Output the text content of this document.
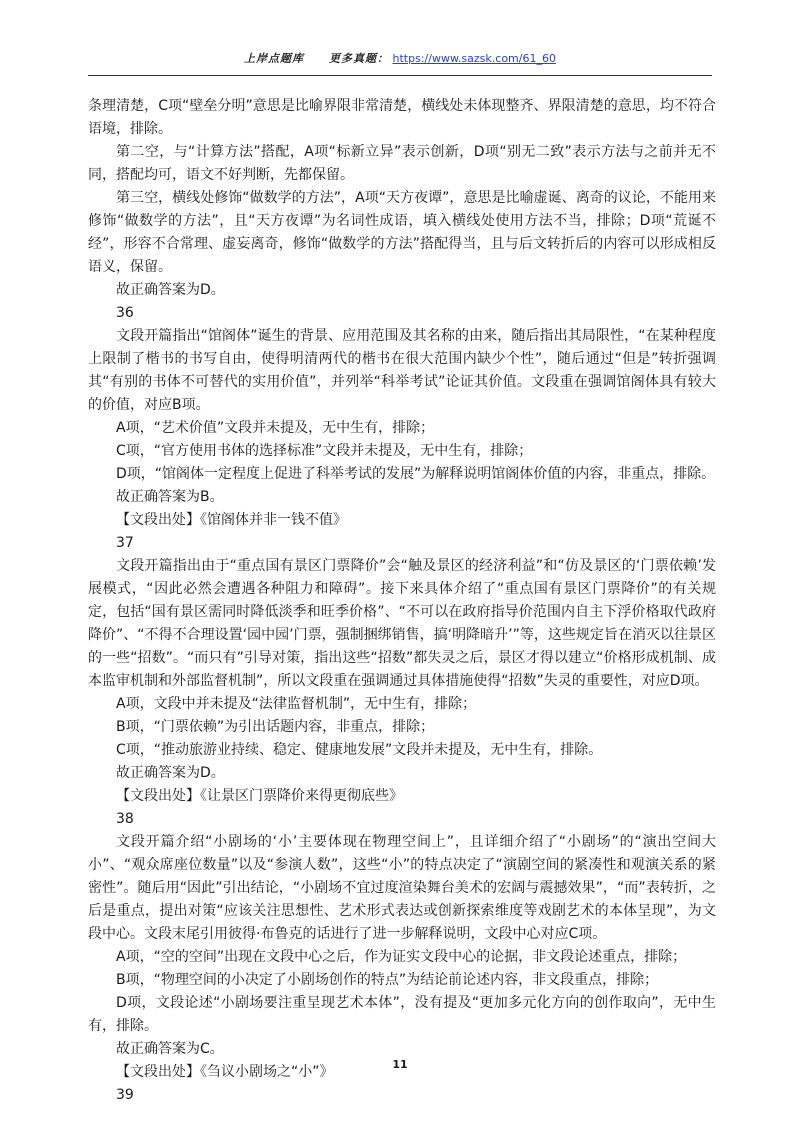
上岸点题库 更多真题： https://www.sazsk.com/61_60

条理清楚，C项“壁垒分明”意思是比喻界限非常清楚，横线处未体现整齐、界限清楚的意思，均不符合语境，排除。

第二空，与“计算方法”搭配，A项“标新立异”表示创新，D项“别无二致”表示方法与之前并无不同，搭配均可，语文不好判断，先都保留。

第三空，横线处修饰“做数学的方法”，A项“天方夜谭”，意思是比喻虚诞、离奇的议论，不能用来修饰“做数学的方法”，且“天方夜谭”为名词性成语，填入横线处使用方法不当，排除；D项“荒诞不经”，形容不合常理、虚妄离奇，修饰“做数学的方法”搭配得当，且与后文转折后的内容可以形成相反语义，保留。

故正确答案为D。

36

文段开篇指出“馆阁体”诞生的背景、应用范围及其名称的由来，随后指出其局限性，“在某种程度上限制了楷书的书写自由，使得明清两代的楷书在很大范围内缺少个性”，随后通过“但是”转折强调其“有别的书体不可替代的实用价值”，并列举“科举考试”论证其价值。文段重在强调馆阁体具有较大的价值，对应B项。

A项，“艺术价值”文段并未提及，无中生有，排除；

C项，“官方使用书体的选择标准”文段并未提及，无中生有，排除；

D项，“馆阁体一定程度上促进了科举考试的发展”为解释说明馆阁体价值的内容，非重点，排除。

故正确答案为B。

【文段出处】《馆阁体并非一钱不值》

37

文段开篇指出由于“重点国有景区门票降价”会“触及景区的经济利益”和“仿及景区的‘门票依赖’发展模式，“因此必然会遭遇各种阻力和障碍”。接下来具体介绍了“重点国有景区门票降价”的有关规定，包括“国有景区需同时降低淡季和旺季价格”、“不可以在政府指导价范围内自主下浮价格取代政府降价”、“不得不合理设置‘园中园’门票，强制捆绑销售，搞‘明降暗升’”等，这些规定旨在消灭以往景区的一些“招数”。“而只有”引导对策，指出这些“招数”都失灵之后，景区才得以建立“价格形成机制、成本监审机制和外部监督机制”，所以文段重在强调通过具体措施使得“招数”失灵的重要性，对应D项。

A项，文段中并未提及“法律监督机制”，无中生有，排除；

B项，“门票依赖”为引出话题内容，非重点，排除；

C项，“推动旅游业持续、稳定、健康地发展”文段并未提及，无中生有，排除。

故正确答案为D。

【文段出处】《让景区门票降价来得更彻底些》

38

文段开篇介绍“小剧场的‘小’主要体现在物理空间上”，且详细介绍了“小剧场”的“演出空间大小”、“观众席座位数量”以及“参演人数”，这些“小”的特点决定了“演剧空间的紧凑性和观演关系的紧密性”。随后用“因此”引出结论，“小剧场不宜过度渲染舞台美术的宏阔与震撼效果”，“而”表转折，之后是重点，提出对策“应该关注思想性、艺术形式表达或创新探索维度等戏剧艺术的本体呈现”，为文段中心。文段末尾引用彼得·布鲁克的话进行了进一步解释说明，文段中心对应C项。

A项，“空的空间”出现在文段中心之后，作为证实文段中心的论据，非文段论述重点，排除；

B项，“物理空间的小决定了小剧场创作的特点”为结论前论述内容，非文段重点，排除；

D项，文段论述“小剧场要注重呈现艺术本体”，没有提及“更加多元化方向的创作取向”，无中生有，排除。

故正确答案为C。

【文段出处】《刍议小剧场之“小”》

39

11
